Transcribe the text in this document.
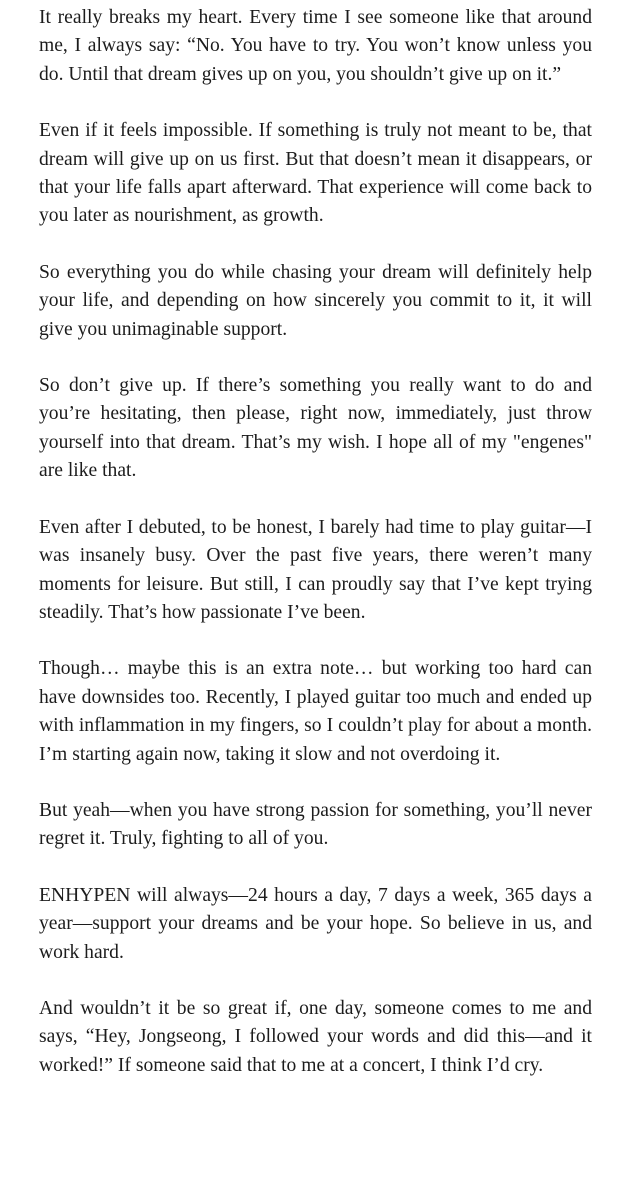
It really breaks my heart. Every time I see someone like that around me, I always say: “No. You have to try. You won’t know unless you do. Until that dream gives up on you, you shouldn’t give up on it.”

Even if it feels impossible. If something is truly not meant to be, that dream will give up on us first. But that doesn’t mean it disappears, or that your life falls apart afterward. That experience will come back to you later as nourishment, as growth.

So everything you do while chasing your dream will definitely help your life, and depending on how sincerely you commit to it, it will give you unimaginable support.

So don’t give up. If there’s something you really want to do and you’re hesitating, then please, right now, immediately, just throw yourself into that dream. That’s my wish. I hope all of my "engenes" are like that.

Even after I debuted, to be honest, I barely had time to play guitar—I was insanely busy. Over the past five years, there weren’t many moments for leisure. But still, I can proudly say that I’ve kept trying steadily. That’s how passionate I’ve been.

Though… maybe this is an extra note… but working too hard can have downsides too. Recently, I played guitar too much and ended up with inflammation in my fingers, so I couldn’t play for about a month. I’m starting again now, taking it slow and not overdoing it.

But yeah—when you have strong passion for something, you’ll never regret it. Truly, fighting to all of you.

ENHYPEN will always—24 hours a day, 7 days a week, 365 days a year—support your dreams and be your hope. So believe in us, and work hard.

And wouldn’t it be so great if, one day, someone comes to me and says, “Hey, Jongseong, I followed your words and did this—and it worked!” If someone said that to me at a concert, I think I’d cry.
